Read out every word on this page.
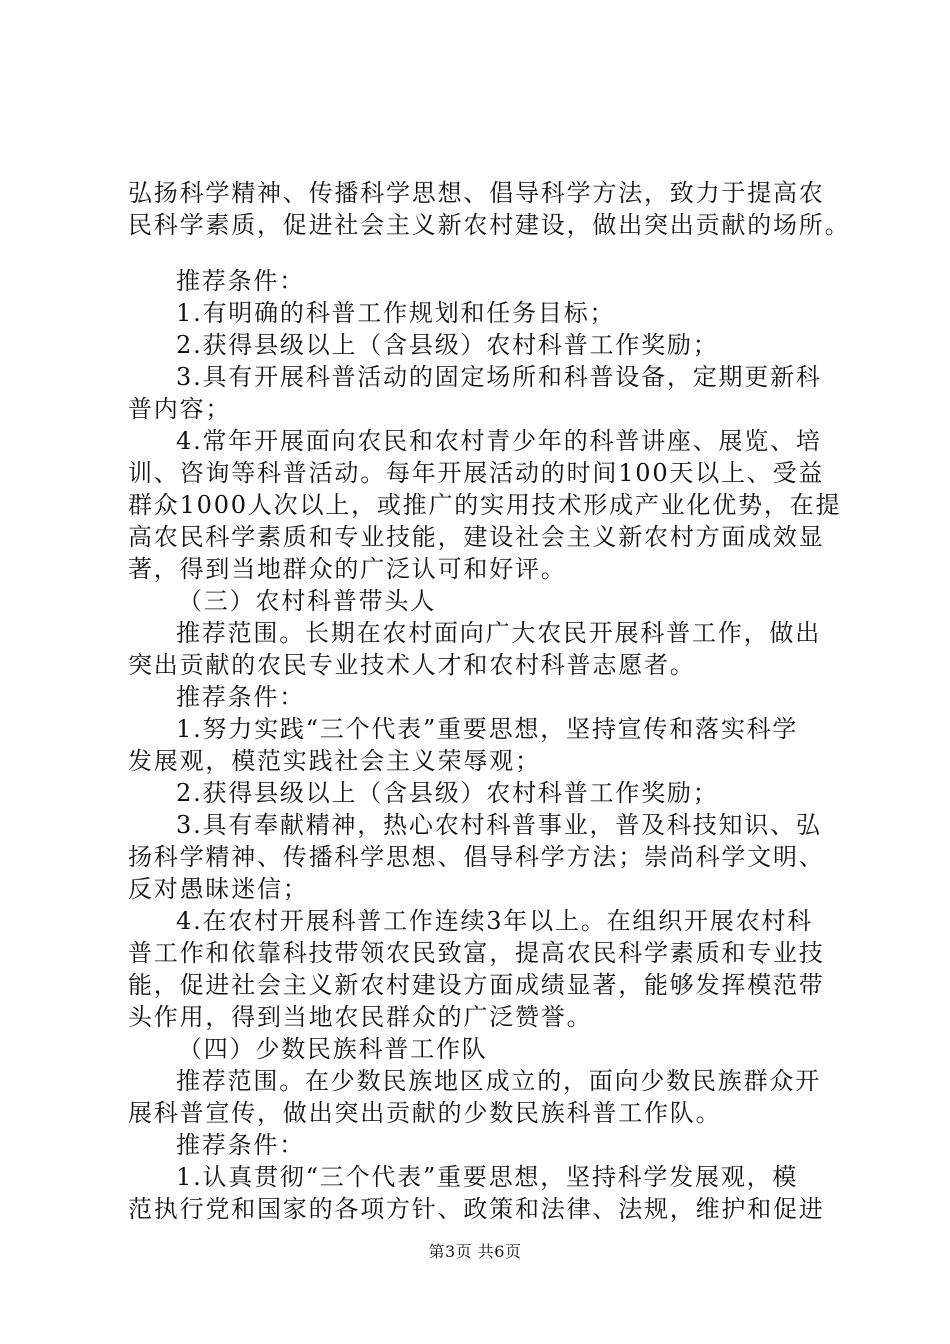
弘扬科学精神、传播科学思想、倡导科学方法，致力于提高农
民科学素质，促进社会主义新农村建设，做出突出贡献的场所。
推荐条件：
1.有明确的科普工作规划和任务目标；
2.获得县级以上（含县级）农村科普工作奖励；
3.具有开展科普活动的固定场所和科普设备，定期更新科
普内容；
4.常年开展面向农民和农村青少年的科普讲座、展览、培
训、咨询等科普活动。每年开展活动的时间100天以上、受益
群众1000人次以上，或推广的实用技术形成产业化优势，在提
高农民科学素质和专业技能，建设社会主义新农村方面成效显
著，得到当地群众的广泛认可和好评。
（三）农村科普带头人
推荐范围。长期在农村面向广大农民开展科普工作，做出
突出贡献的农民专业技术人才和农村科普志愿者。
推荐条件：
1.努力实践“三个代表”重要思想，坚持宣传和落实科学
发展观，模范实践社会主义荣辱观；
2.获得县级以上（含县级）农村科普工作奖励；
3.具有奉献精神，热心农村科普事业，普及科技知识、弘
扬科学精神、传播科学思想、倡导科学方法；崇尚科学文明、
反对愚昧迷信；
4.在农村开展科普工作连续3年以上。在组织开展农村科
普工作和依靠科技带领农民致富，提高农民科学素质和专业技
能，促进社会主义新农村建设方面成绩显著，能够发挥模范带
头作用，得到当地农民群众的广泛赞誉。
（四）少数民族科普工作队
推荐范围。在少数民族地区成立的，面向少数民族群众开
展科普宣传，做出突出贡献的少数民族科普工作队。
推荐条件：
1.认真贯彻“三个代表”重要思想，坚持科学发展观，模
范执行党和国家的各项方针、政策和法律、法规，维护和促进
第3页 共6页
